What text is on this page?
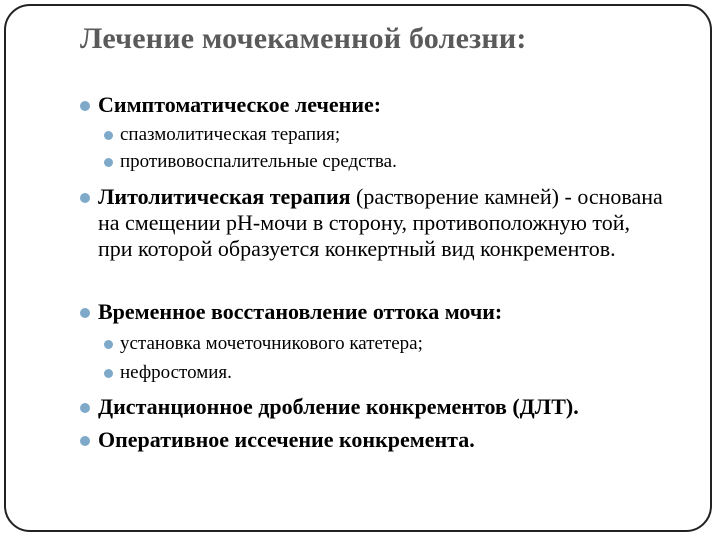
Лечение мочекаменной болезни:
Симптоматическое лечение:
спазмолитическая терапия;
противовоспалительные средства.
Литолитическая терапия (растворение камней) - основана на смещении рН-мочи в сторону, противоположную той, при которой образуется конкертный вид конкрементов.
Временное восстановление оттока мочи:
установка мочеточникового катетера;
нефростомия.
Дистанционное дробление конкрементов (ДЛТ).
Оперативное иссечение конкремента.
